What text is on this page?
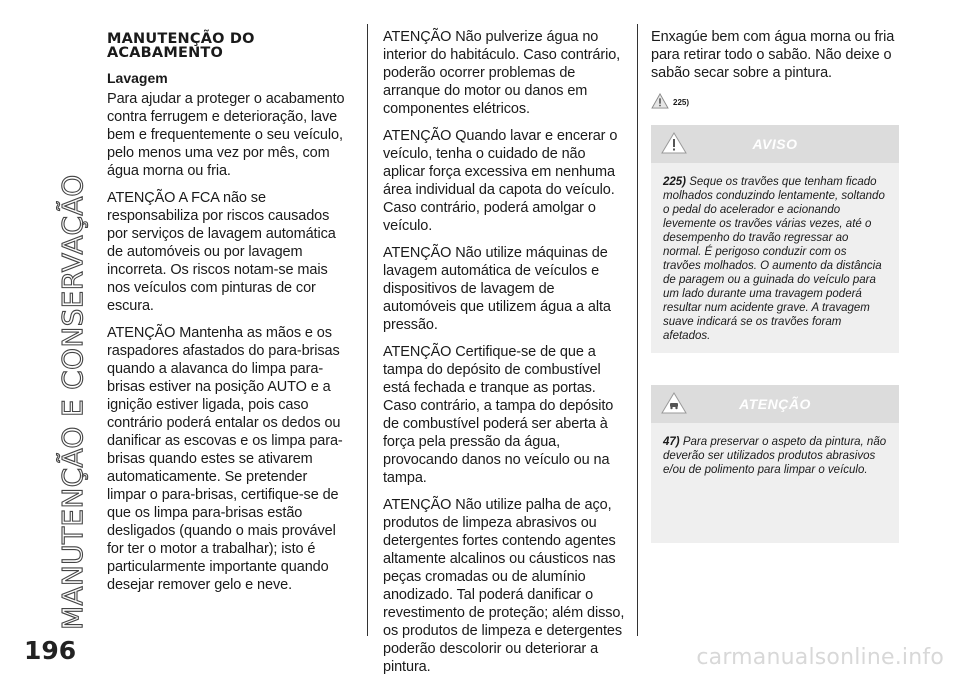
MANUTENÇÃO E CONSERVAÇÃO
MANUTENÇÃO DO ACABAMENTO
Lavagem

Para ajudar a proteger o acabamento contra ferrugem e deterioração, lave bem e frequentemente o seu veículo, pelo menos uma vez por mês, com água morna ou fria.

ATENÇÃO A FCA não se responsabiliza por riscos causados por serviços de lavagem automática de automóveis ou por lavagem incorreta. Os riscos notam-se mais nos veículos com pinturas de cor escura.

ATENÇÃO Mantenha as mãos e os raspadores afastados do para-brisas quando a alavanca do limpa para-brisas estiver na posição AUTO e a ignição estiver ligada, pois caso contrário poderá entalar os dedos ou danificar as escovas e os limpa para-brisas quando estes se ativarem automaticamente. Se pretender limpar o para-brisas, certifique-se de que os limpa para-brisas estão desligados (quando o mais provável for ter o motor a trabalhar); isto é particularmente importante quando desejar remover gelo e neve.

ATENÇÃO Não pulverize água no interior do habitáculo. Caso contrário, poderão ocorrer problemas de arranque do motor ou danos em componentes elétricos.

ATENÇÃO Quando lavar e encerar o veículo, tenha o cuidado de não aplicar força excessiva em nenhuma área individual da capota do veículo. Caso contrário, poderá amolgar o veículo.

ATENÇÃO Não utilize máquinas de lavagem automática de veículos e dispositivos de lavagem de automóveis que utilizem água a alta pressão.

ATENÇÃO Certifique-se de que a tampa do depósito de combustível está fechada e tranque as portas. Caso contrário, a tampa do depósito de combustível poderá ser aberta à força pela pressão da água, provocando danos no veículo ou na tampa.

ATENÇÃO Não utilize palha de aço, produtos de limpeza abrasivos ou detergentes fortes contendo agentes altamente alcalinos ou cáusticos nas peças cromadas ou de alumínio anodizado. Tal poderá danificar o revestimento de proteção; além disso, os produtos de limpeza e detergentes poderão descolorir ou deteriorar a pintura.

Enxagúe bem com água morna ou fria para retirar todo o sabão. Não deixe o sabão secar sobre a pintura.

225)
AVISO
225) Seque os travões que tenham ficado molhados conduzindo lentamente, soltando o pedal do acelerador e acionando levemente os travões várias vezes, até o desempenho do travão regressar ao normal. É perigoso conduzir com os travões molhados. O aumento da distância de paragem ou a guinada do veículo para um lado durante uma travagem poderá resultar num acidente grave. A travagem suave indicará se os travões foram afetados.
ATENÇÃO
47) Para preservar o aspeto da pintura, não deverão ser utilizados produtos abrasivos e/ou de polimento para limpar o veículo.
196	carmanualsonline.info
